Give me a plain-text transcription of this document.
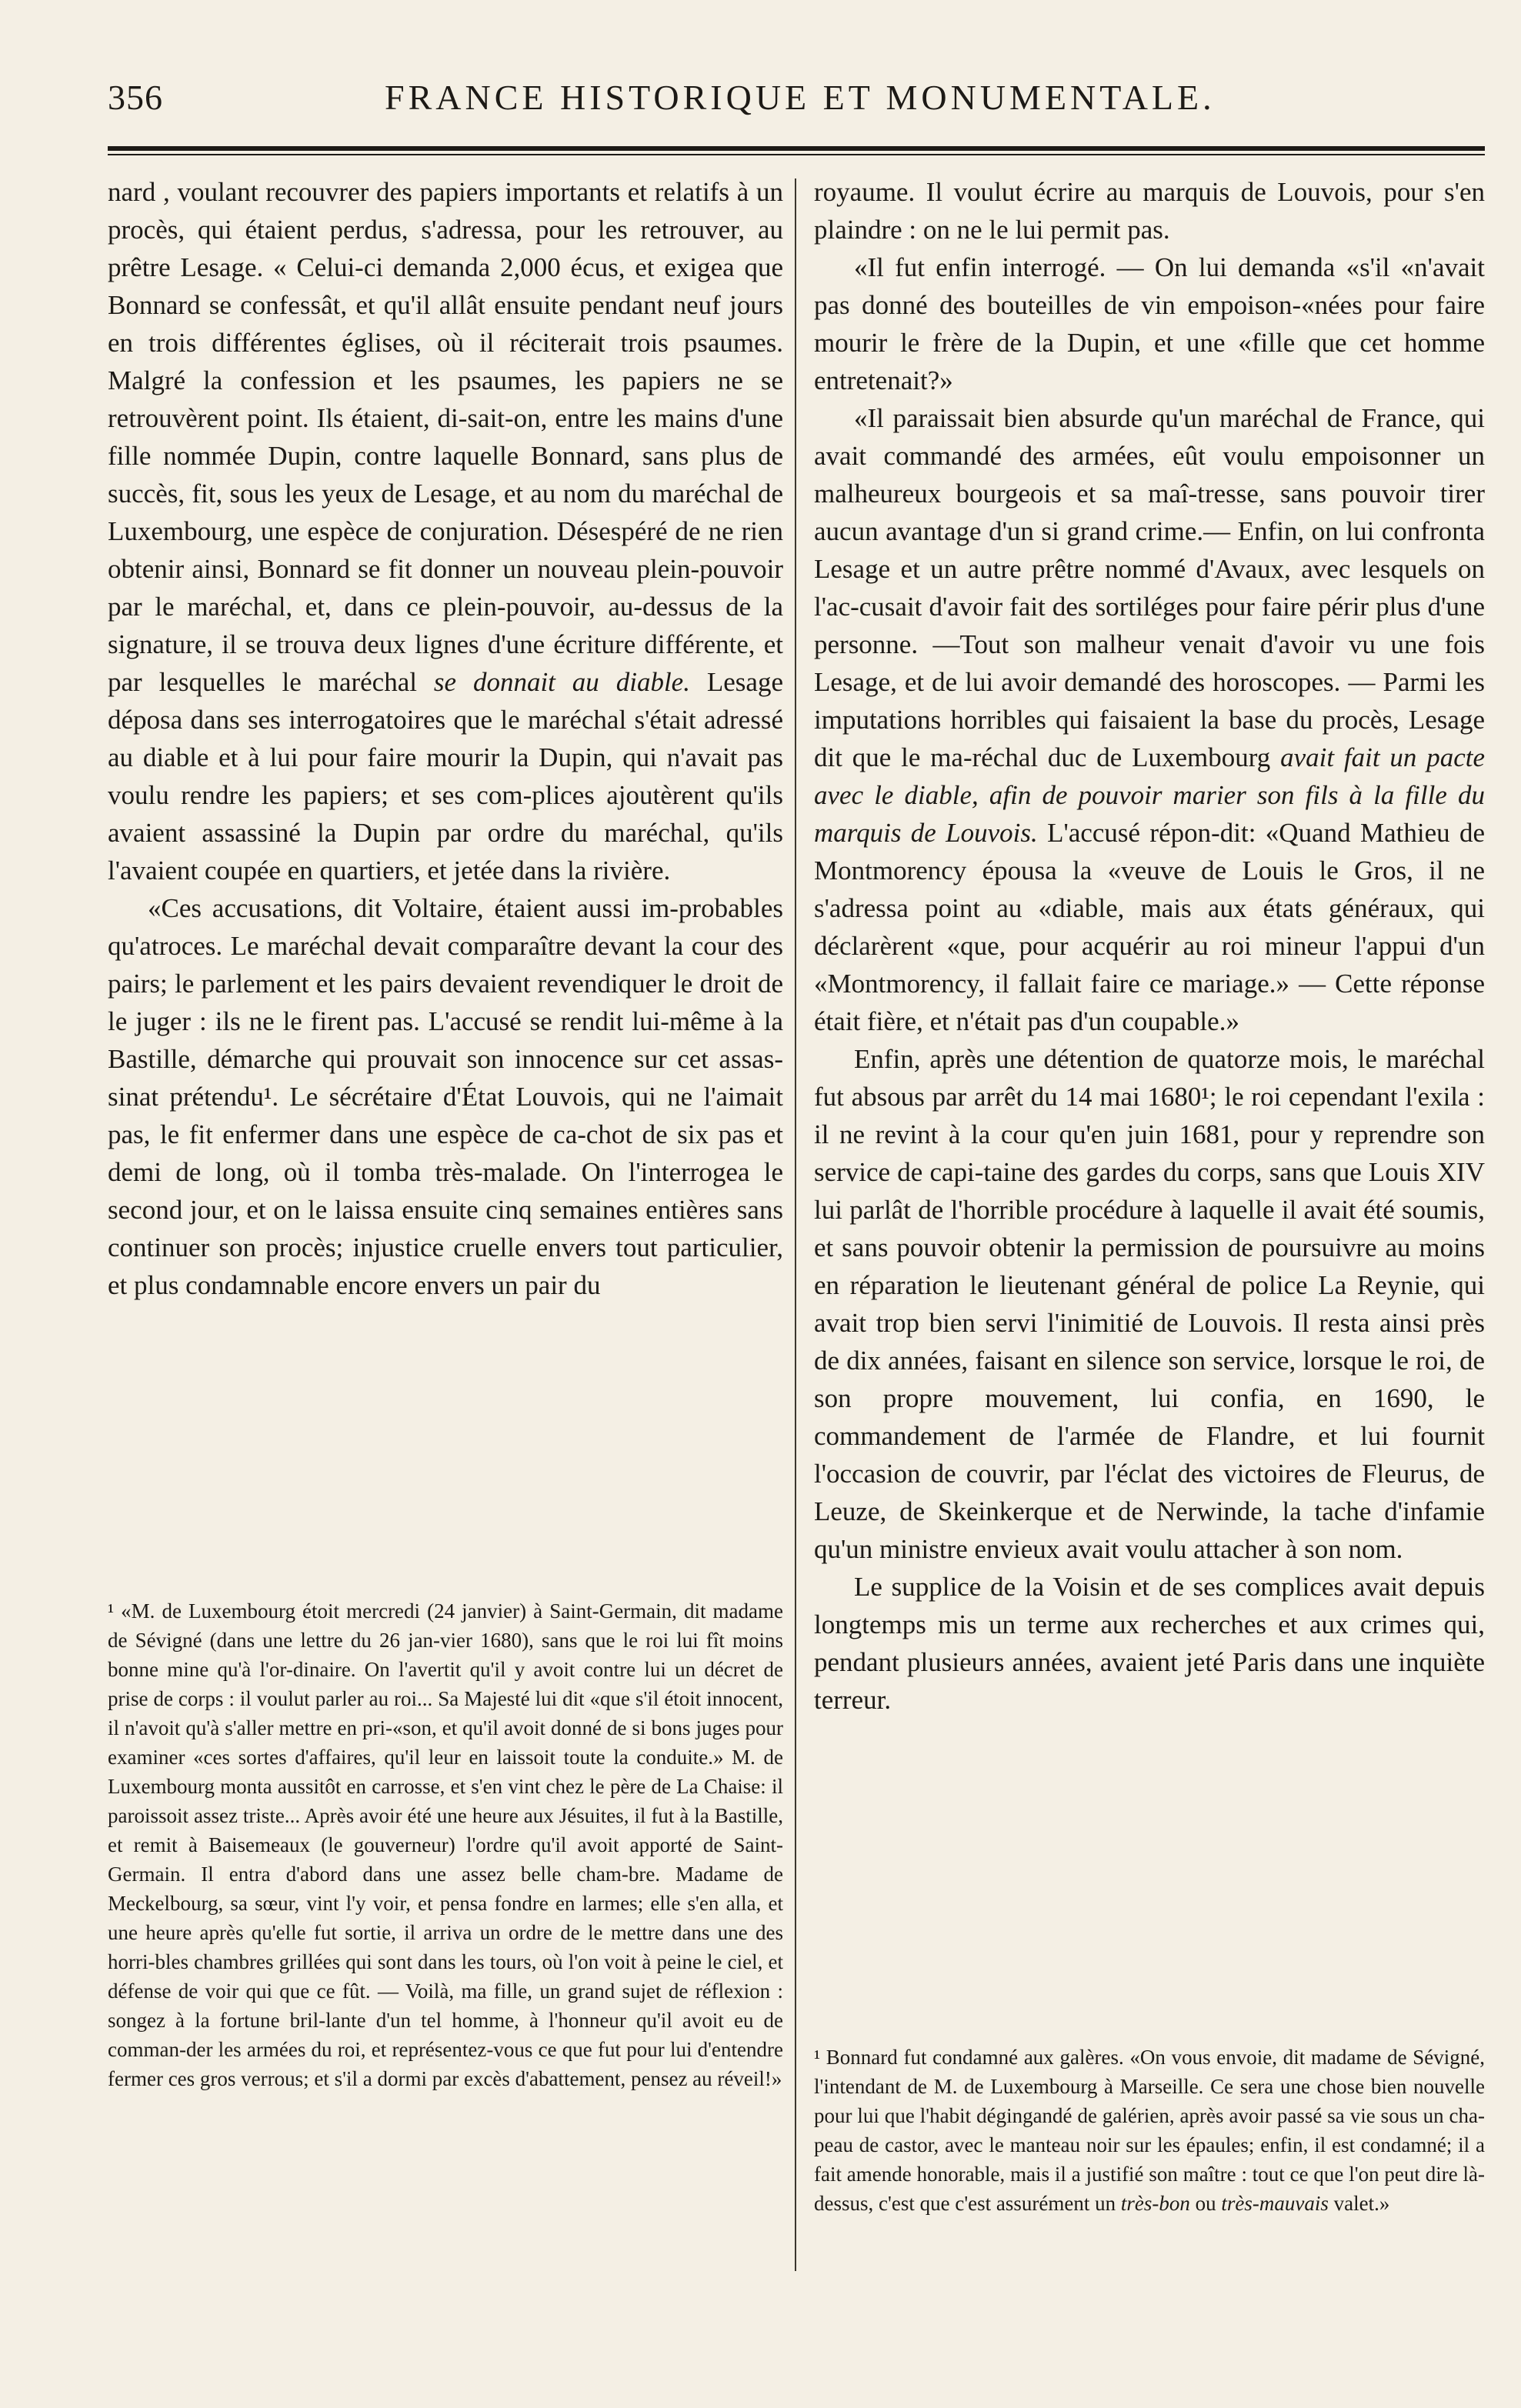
356	FRANCE HISTORIQUE ET MONUMENTALE.

nard , voulant recouvrer des papiers importants et relatifs à un procès, qui étaient perdus, s'adressa, pour les retrouver, au prêtre Lesage. « Celui-ci demanda 2,000 écus, et exigea que Bonnard se confessât, et qu'il allât ensuite pendant neuf jours en trois différentes églises, où il réciterait trois psaumes. Malgré la confession et les psaumes, les papiers ne se retrouvèrent point. Ils étaient, di-sait-on, entre les mains d'une fille nommée Dupin, contre laquelle Bonnard, sans plus de succès, fit, sous les yeux de Lesage, et au nom du maréchal de Luxembourg, une espèce de conjuration. Désespéré de ne rien obtenir ainsi, Bonnard se fit donner un nouveau plein-pouvoir par le maréchal, et, dans ce plein-pouvoir, au-dessus de la signature, il se trouva deux lignes d'une écriture différente, et par lesquelles le maréchal se donnait au diable. Lesage déposa dans ses interrogatoires que le maréchal s'était adressé au diable et à lui pour faire mourir la Dupin, qui n'avait pas voulu rendre les papiers; et ses com-plices ajoutèrent qu'ils avaient assassiné la Dupin par ordre du maréchal, qu'ils l'avaient coupée en quartiers, et jetée dans la rivière.

«Ces accusations, dit Voltaire, étaient aussi im-probables qu'atroces. Le maréchal devait comparaître devant la cour des pairs; le parlement et les pairs devaient revendiquer le droit de le juger : ils ne le firent pas. L'accusé se rendit lui-même à la Bastille, démarche qui prouvait son innocence sur cet assas-sinat prétendu¹. Le sécrétaire d'État Louvois, qui ne l'aimait pas, le fit enfermer dans une espèce de ca-chot de six pas et demi de long, où il tomba très-malade. On l'interrogea le second jour, et on le laissa ensuite cinq semaines entières sans continuer son procès; injustice cruelle envers tout particulier, et plus condamnable encore envers un pair du

royaume. Il voulut écrire au marquis de Louvois, pour s'en plaindre : on ne le lui permit pas.

«Il fut enfin interrogé. — On lui demanda «s'il «n'avait pas donné des bouteilles de vin empoison-«nées pour faire mourir le frère de la Dupin, et une «fille que cet homme entretenait?»

«Il paraissait bien absurde qu'un maréchal de France, qui avait commandé des armées, eût voulu empoisonner un malheureux bourgeois et sa maî-tresse, sans pouvoir tirer aucun avantage d'un si grand crime.— Enfin, on lui confronta Lesage et un autre prêtre nommé d'Avaux, avec lesquels on l'ac-cusait d'avoir fait des sortiléges pour faire périr plus d'une personne. —Tout son malheur venait d'avoir vu une fois Lesage, et de lui avoir demandé des horoscopes. — Parmi les imputations horribles qui faisaient la base du procès, Lesage dit que le ma-réchal duc de Luxembourg avait fait un pacte avec le diable, afin de pouvoir marier son fils à la fille du marquis de Louvois. L'accusé répon-dit: «Quand Mathieu de Montmorency épousa la «veuve de Louis le Gros, il ne s'adressa point au «diable, mais aux états généraux, qui déclarèrent «que, pour acquérir au roi mineur l'appui d'un «Montmorency, il fallait faire ce mariage.» — Cette réponse était fière, et n'était pas d'un coupable.»

Enfin, après une détention de quatorze mois, le maréchal fut absous par arrêt du 14 mai 1680¹; le roi cependant l'exila : il ne revint à la cour qu'en juin 1681, pour y reprendre son service de capi-taine des gardes du corps, sans que Louis XIV lui parlât de l'horrible procédure à laquelle il avait été soumis, et sans pouvoir obtenir la permission de poursuivre au moins en réparation le lieutenant général de police La Reynie, qui avait trop bien servi l'inimitié de Louvois. Il resta ainsi près de dix années, faisant en silence son service, lorsque le roi, de son propre mouvement, lui confia, en 1690, le commandement de l'armée de Flandre, et lui fournit l'occasion de couvrir, par l'éclat des victoires de Fleurus, de Leuze, de Skeinkerque et de Nerwinde, la tache d'infamie qu'un ministre envieux avait voulu attacher à son nom.

Le supplice de la Voisin et de ses complices avait depuis longtemps mis un terme aux recherches et aux crimes qui, pendant plusieurs années, avaient jeté Paris dans une inquiète terreur.

¹ «M. de Luxembourg étoit mercredi (24 janvier) à Saint-Germain, dit madame de Sévigné (dans une lettre du 26 jan-vier 1680), sans que le roi lui fît moins bonne mine qu'à l'or-dinaire. On l'avertit qu'il y avoit contre lui un décret de prise de corps : il voulut parler au roi... Sa Majesté lui dit «que s'il étoit innocent, il n'avoit qu'à s'aller mettre en pri-«son, et qu'il avoit donné de si bons juges pour examiner «ces sortes d'affaires, qu'il leur en laissoit toute la conduite.» M. de Luxembourg monta aussitôt en carrosse, et s'en vint chez le père de La Chaise: il paroissoit assez triste... Après avoir été une heure aux Jésuites, il fut à la Bastille, et remit à Baisemeaux (le gouverneur) l'ordre qu'il avoit apporté de Saint-Germain. Il entra d'abord dans une assez belle cham-bre. Madame de Meckelbourg, sa sœur, vint l'y voir, et pensa fondre en larmes; elle s'en alla, et une heure après qu'elle fut sortie, il arriva un ordre de le mettre dans une des horri-bles chambres grillées qui sont dans les tours, où l'on voit à peine le ciel, et défense de voir qui que ce fût. — Voilà, ma fille, un grand sujet de réflexion : songez à la fortune bril-lante d'un tel homme, à l'honneur qu'il avoit eu de comman-der les armées du roi, et représentez-vous ce que fut pour lui d'entendre fermer ces gros verrous; et s'il a dormi par excès d'abattement, pensez au réveil!»
¹ Bonnard fut condamné aux galères. «On vous envoie, dit madame de Sévigné, l'intendant de M. de Luxembourg à Marseille. Ce sera une chose bien nouvelle pour lui que l'habit dégingandé de galérien, après avoir passé sa vie sous un cha-peau de castor, avec le manteau noir sur les épaules; enfin, il est condamné; il a fait amende honorable, mais il a justifié son maître : tout ce que l'on peut dire là-dessus, c'est que c'est assurément un très-bon ou très-mauvais valet.»
